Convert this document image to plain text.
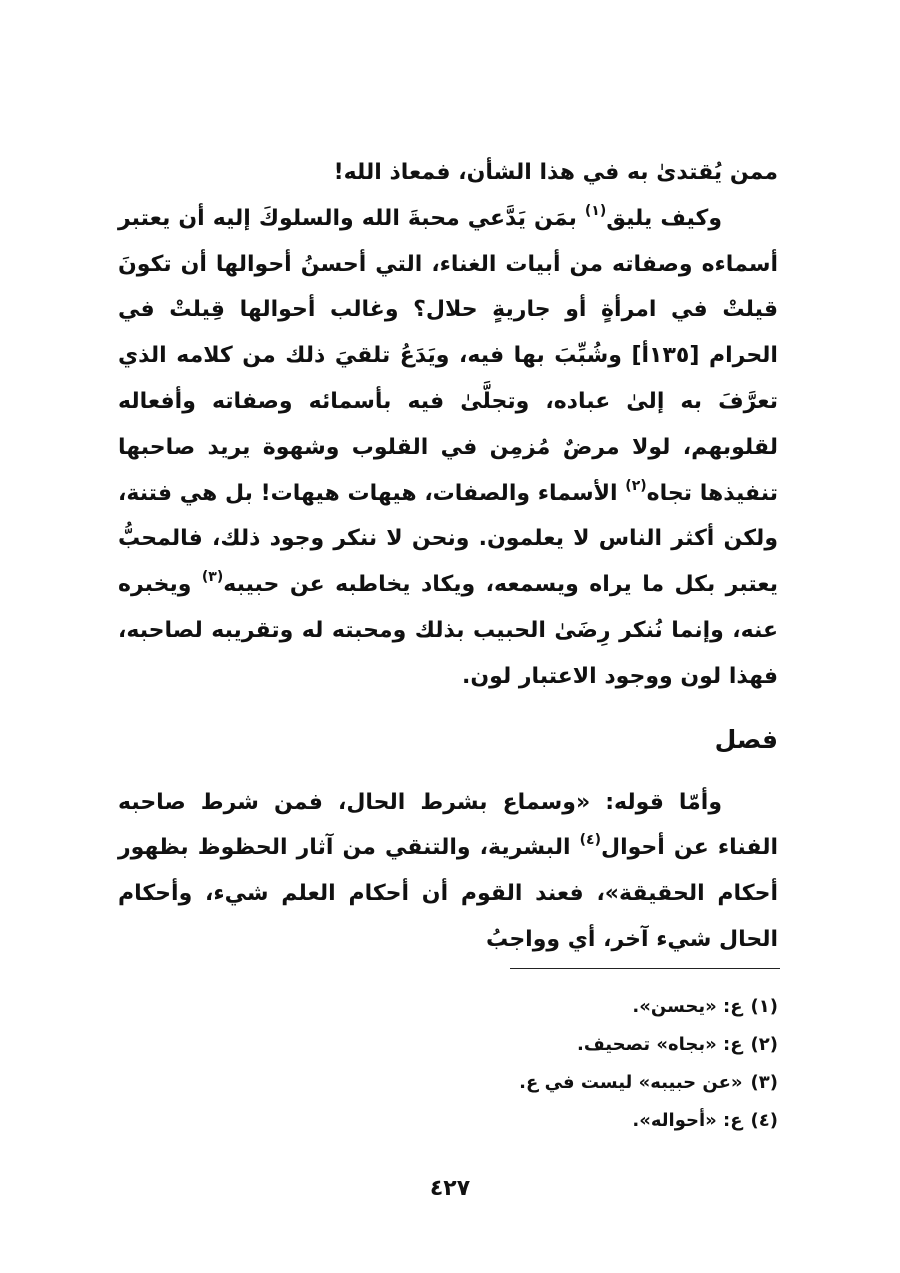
ممن يُقتدىٰ به في هذا الشأن، فمعاذ الله!

وكيف يليق$^{(١)}$ بمَن يَدَّعي محبةَ الله والسلوكَ إليه أن يعتبر أسماءه وصفاته من أبيات الغناء، التي أحسنُ أحوالها أن تكونَ قيلتْ في امرأةٍ أو جاريةٍ حلال؟ وغالب أحوالها قِيلتْ في الحرام [١٣٥أ] وشُبِّبَ بها فيه، ويَدَعُ تلقيَ ذلك من كلامه الذي تعرَّفَ به إلىٰ عباده، وتجلَّىٰ فيه بأسمائه وصفاته وأفعاله لقلوبهم، لولا مرضٌ مُزمِن في القلوب وشهوة يريد صاحبها تنفيذها تجاه$^{(٢)}$ الأسماء والصفات، هيهات هيهات! بل هي فتنة، ولكن أكثر الناس لا يعلمون. ونحن لا ننكر وجود ذلك، فالمحبُّ يعتبر بكل ما يراه ويسمعه، ويكاد يخاطبه عن حبيبه$^{(٣)}$ ويخبره عنه، وإنما نُنكر رِضَىٰ الحبيب بذلك ومحبته له وتقريبه لصاحبه، فهذا لون ووجود الاعتبار لون.

فصل

وأمّا قوله: «وسماع بشرط الحال، فمن شرط صاحبه الفناء عن أحوال$^{(٤)}$ البشرية، والتنقي من آثار الحظوظ بظهور أحكام الحقيقة»، فعند القوم أن أحكام العلم شيء، وأحكام الحال شيء آخر، أي وواجبُ

(١)ع: «يحسن».
(٢)ع: «بجاه» تصحيف.
(٣)«عن حبيبه» ليست في ع.
(٤)ع: «أحواله».
٤٢٧
